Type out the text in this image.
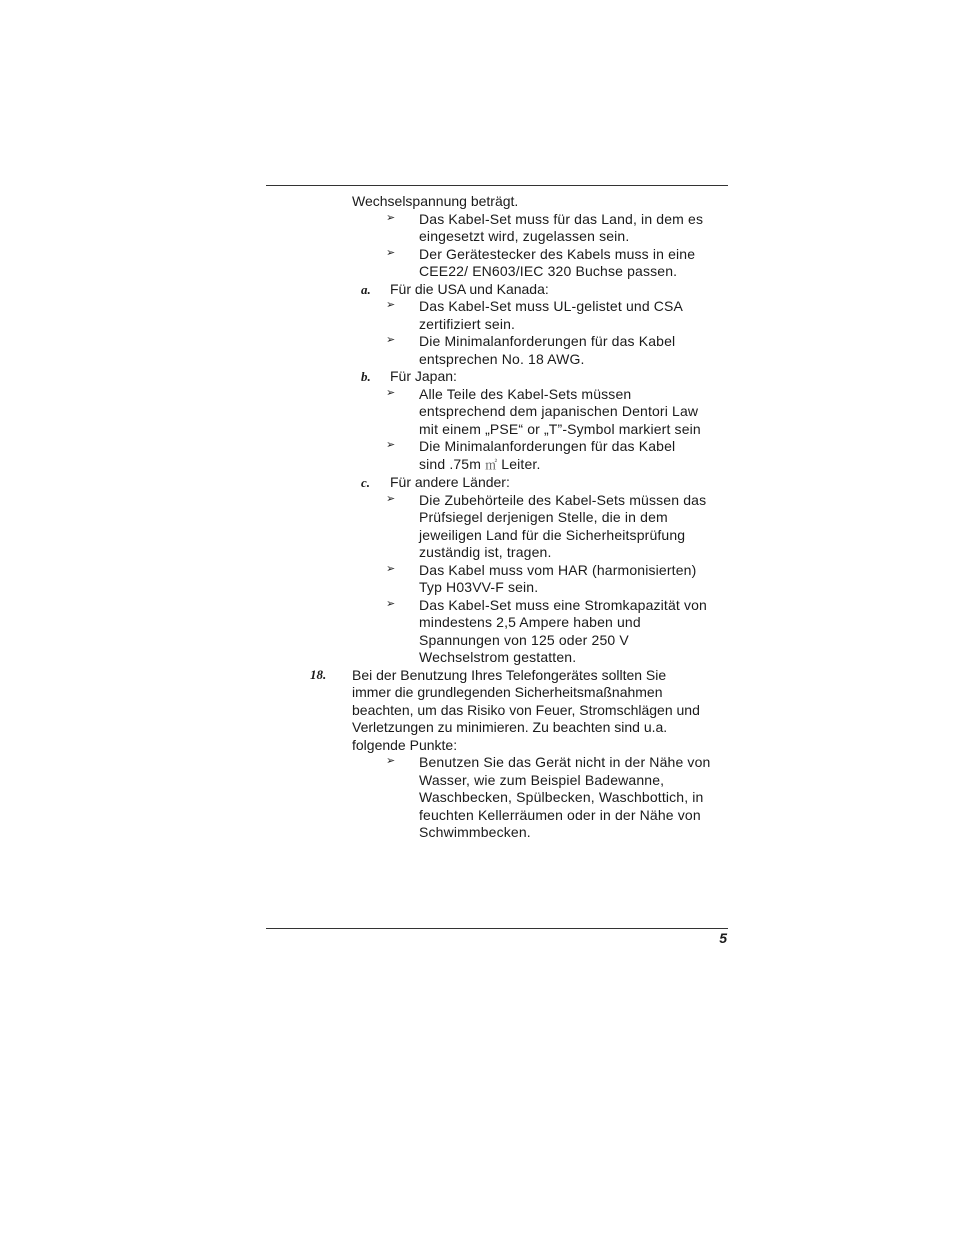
Wechselspannung beträgt.
➢ Das Kabel-Set muss für das Land, in dem es
eingesetzt wird, zugelassen sein.
➢ Der Gerätestecker des Kabels muss in eine
CEE22/ EN603/IEC 320 Buchse passen.
a. Für die USA und Kanada:
➢ Das Kabel-Set muss UL-gelistet und CSA
zertifiziert sein.
➢ Die Minimalanforderungen für das Kabel
entsprechen No. 18 AWG.
b. Für Japan:
➢ Alle Teile des Kabel-Sets müssen
entsprechend dem japanischen Dentori Law
mit einem „PSE“ or „T”-Symbol markiert sein
➢ Die Minimalanforderungen für das Kabel
sind .75m ㎡ Leiter.
c. Für andere Länder:
➢ Die Zubehörteile des Kabel-Sets müssen das
Prüfsiegel derjenigen Stelle, die in dem
jeweiligen Land für die Sicherheitsprüfung
zuständig ist, tragen.
➢ Das Kabel muss vom HAR (harmonisierten)
Typ H03VV-F sein.
➢ Das Kabel-Set muss eine Stromkapazität von
mindestens 2,5 Ampere haben und
Spannungen von 125 oder 250 V
Wechselstrom gestatten.
18. Bei der Benutzung Ihres Telefongerätes sollten Sie
immer die grundlegenden Sicherheitsmaßnahmen
beachten, um das Risiko von Feuer, Stromschlägen und
Verletzungen zu minimieren. Zu beachten sind u.a.
folgende Punkte:
➢ Benutzen Sie das Gerät nicht in der Nähe von
Wasser, wie zum Beispiel Badewanne,
Waschbecken, Spülbecken, Waschbottich, in
feuchten Kellerräumen oder in der Nähe von
Schwimmbecken.
5
